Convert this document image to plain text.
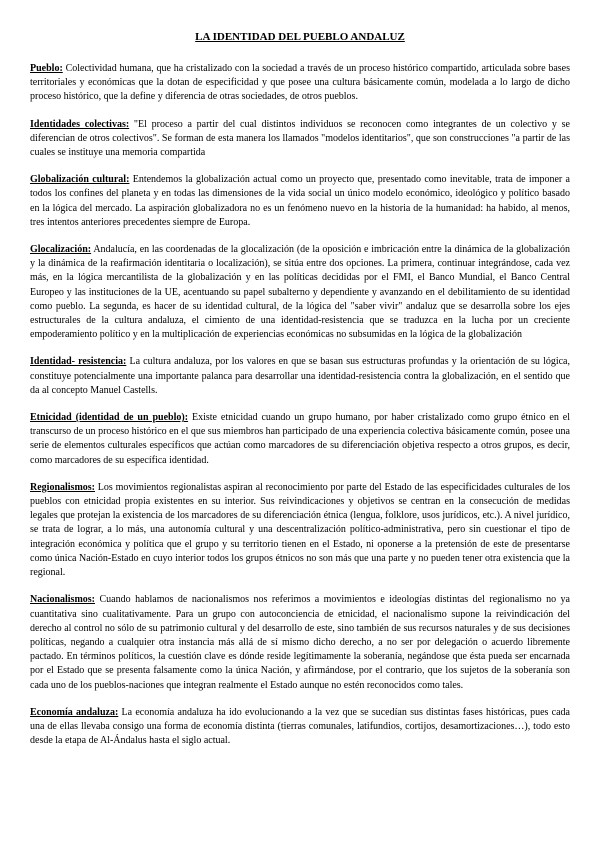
LA IDENTIDAD DEL PUEBLO ANDALUZ

Pueblo: Colectividad humana, que ha cristalizado con la sociedad a través de un proceso histórico compartido, articulada sobre bases territoriales y económicas que la dotan de especificidad y que posee una cultura básicamente común, modelada a lo largo de dicho proceso histórico, que la define y diferencia de otras sociedades, de otros pueblos.

Identidades colectivas: "El proceso a partir del cual distintos individuos se reconocen como integrantes de un colectivo y se diferencian de otros colectivos". Se forman de esta manera los llamados "modelos identitarios", que son construcciones "a partir de las cuales se instituye una memoria compartida

Globalización cultural: Entendemos la globalización actual como un proyecto que, presentado como inevitable, trata de imponer a todos los confines del planeta y en todas las dimensiones de la vida social un único modelo económico, ideológico y político basado en la lógica del mercado. La aspiración globalizadora no es un fenómeno nuevo en la historia de la humanidad: ha habido, al menos, tres intentos anteriores precedentes siempre de Europa.

Glocalización: Andalucía, en las coordenadas de la glocalización (de la oposición e imbricación entre la dinámica de la globalización y la dinámica de la reafirmación identitaria o localización), se sitúa entre dos opciones. La primera, continuar integrándose, cada vez más, en la lógica mercantilista de la globalización y en las políticas decididas por el FMI, el Banco Mundial, el Banco Central Europeo y las instituciones de la UE, acentuando su papel subalterno y dependiente y avanzando en el debilitamiento de su identidad como pueblo. La segunda, es hacer de su identidad cultural, de la lógica del "saber vivir" andaluz que se desarrolla sobre los ejes estructurales de la cultura andaluza, el cimiento de una identidad-resistencia que se traduzca en la lucha por un creciente empoderamiento político y en la multiplicación de experiencias económicas no subsumidas en la lógica de la globalización

Identidad- resistencia: La cultura andaluza, por los valores en que se basan sus estructuras profundas y la orientación de su lógica, constituye potencialmente una importante palanca para desarrollar una identidad-resistencia contra la globalización, en el sentido que da al concepto Manuel Castells.

Etnicidad (identidad de un pueblo): Existe etnicidad cuando un grupo humano, por haber cristalizado como grupo étnico en el transcurso de un proceso histórico en el que sus miembros han participado de una experiencia colectiva básicamente común, posee una serie de elementos culturales específicos que actúan como marcadores de su diferenciación objetiva respecto a otros grupos, es decir, como marcadores de su específica identidad.

Regionalismos: Los movimientos regionalistas aspiran al reconocimiento por parte del Estado de las especificidades culturales de los pueblos con etnicidad propia existentes en su interior. Sus reivindicaciones y objetivos se centran en la consecución de medidas legales que protejan la existencia de los marcadores de su diferenciación étnica (lengua, folklore, usos jurídicos, etc.). A nivel jurídico, se trata de lograr, a lo más, una autonomía cultural y una descentralización político-administrativa, pero sin cuestionar el tipo de integración económica y política que el grupo y su territorio tienen en el Estado, ni oponerse a la pretensión de este de presentarse como única Nación-Estado en cuyo interior todos los grupos étnicos no son más que una parte y no pueden tener otra existencia que la regional.

Nacionalismos: Cuando hablamos de nacionalismos nos referimos a movimientos e ideologías distintas del regionalismo no ya cuantitativa sino cualitativamente. Para un grupo con autoconciencia de etnicidad, el nacionalismo supone la reivindicación del derecho al control no sólo de su patrimonio cultural y del desarrollo de este, sino también de sus recursos naturales y de sus decisiones políticas, negando a cualquier otra instancia más allá de sí mismo dicho derecho, a no ser por delegación o acuerdo libremente pactado. En términos políticos, la cuestión clave es dónde reside legítimamente la soberanía, negándose que ésta pueda ser encarnada por el Estado que se presenta falsamente como la única Nación, y afirmándose, por el contrario, que los sujetos de la soberanía son cada uno de los pueblos-naciones que integran realmente el Estado aunque no estén reconocidos como tales.

Economía andaluza: La economía andaluza ha ido evolucionando a la vez que se sucedían sus distintas fases históricas, pues cada una de ellas llevaba consigo una forma de economía distinta (tierras comunales, latifundios, cortijos, desamortizaciones…), todo esto desde la etapa de Al-Ándalus hasta el siglo actual.
